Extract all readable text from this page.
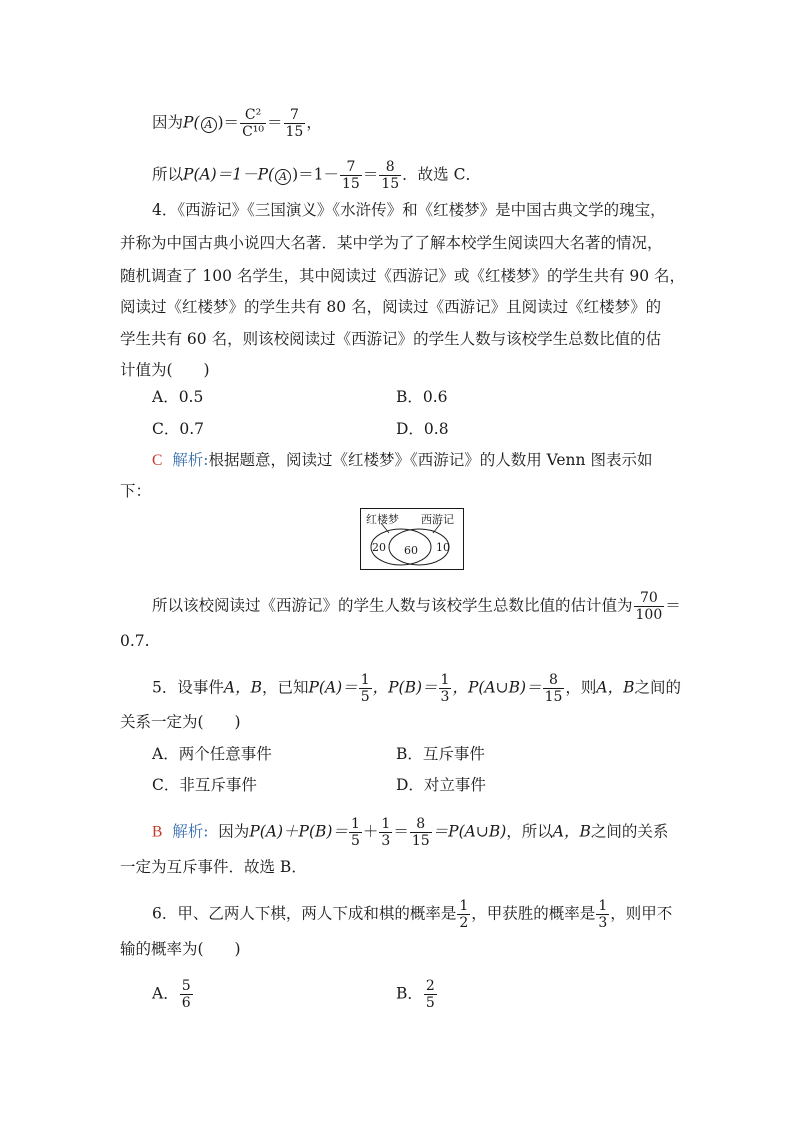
因为P( A )＝ $\frac{\text{C²}}{\text{C¹⁰}} = \frac{7}{15}$ ，
所以P(A)＝1－P( A )$=1- \frac{7}{15} = \frac{8}{15}$ ．故选 C．
4．《西游记》《三国演义》《水浒传》和《红楼梦》是中国古典文学的瑰宝，
并称为中国古典小说四大名著．某中学为了了解本校学生阅读四大名著的情况，
随机调查了 100 名学生，其中阅读过《西游记》或《红楼梦》的学生共有 90 名，
阅读过《红楼梦》的学生共有 80 名，阅读过《西游记》且阅读过《红楼梦》的
学生共有 60 名，则该校阅读过《西游记》的学生人数与该校学生总数比值的估
计值为(　　)
A．0.5	B．0.6
C．0.7	D．0.8
C 解析:根据题意，阅读过《红楼梦》《西游记》的人数用 Venn 图表示如
下：
红楼梦 西游记
20 60 10
所以该校阅读过《西游记》的学生人数与该校学生总数比值的估计值为 $\frac{70}{100}$ ＝
0.7.
5．设事件A，B，已知$P(A)= \frac{1}{5}$ ，$P(B)= \frac{1}{3}$ ，P(A∪B)＝ $\frac{8}{15}$ ，则A，B之间的
关系一定为(　　)
A．两个任意事件	B．互斥事件
C．非互斥事件	D．对立事件
B 解析: 因为$P(A)+P(B)= \frac{1}{5} + \frac{1}{3} = \frac{8}{15}$ ＝P(A∪B)，所以A，B之间的关系
一定为互斥事件．故选 B．
6．甲、乙两人下棋，两人下成和棋的概率是 $\frac{1}{2}$ ，甲获胜的概率是 $\frac{1}{3}$ ，则甲不
输的概率为(　　)
A． $\frac{5}{6}$	B． $\frac{2}{5}$
